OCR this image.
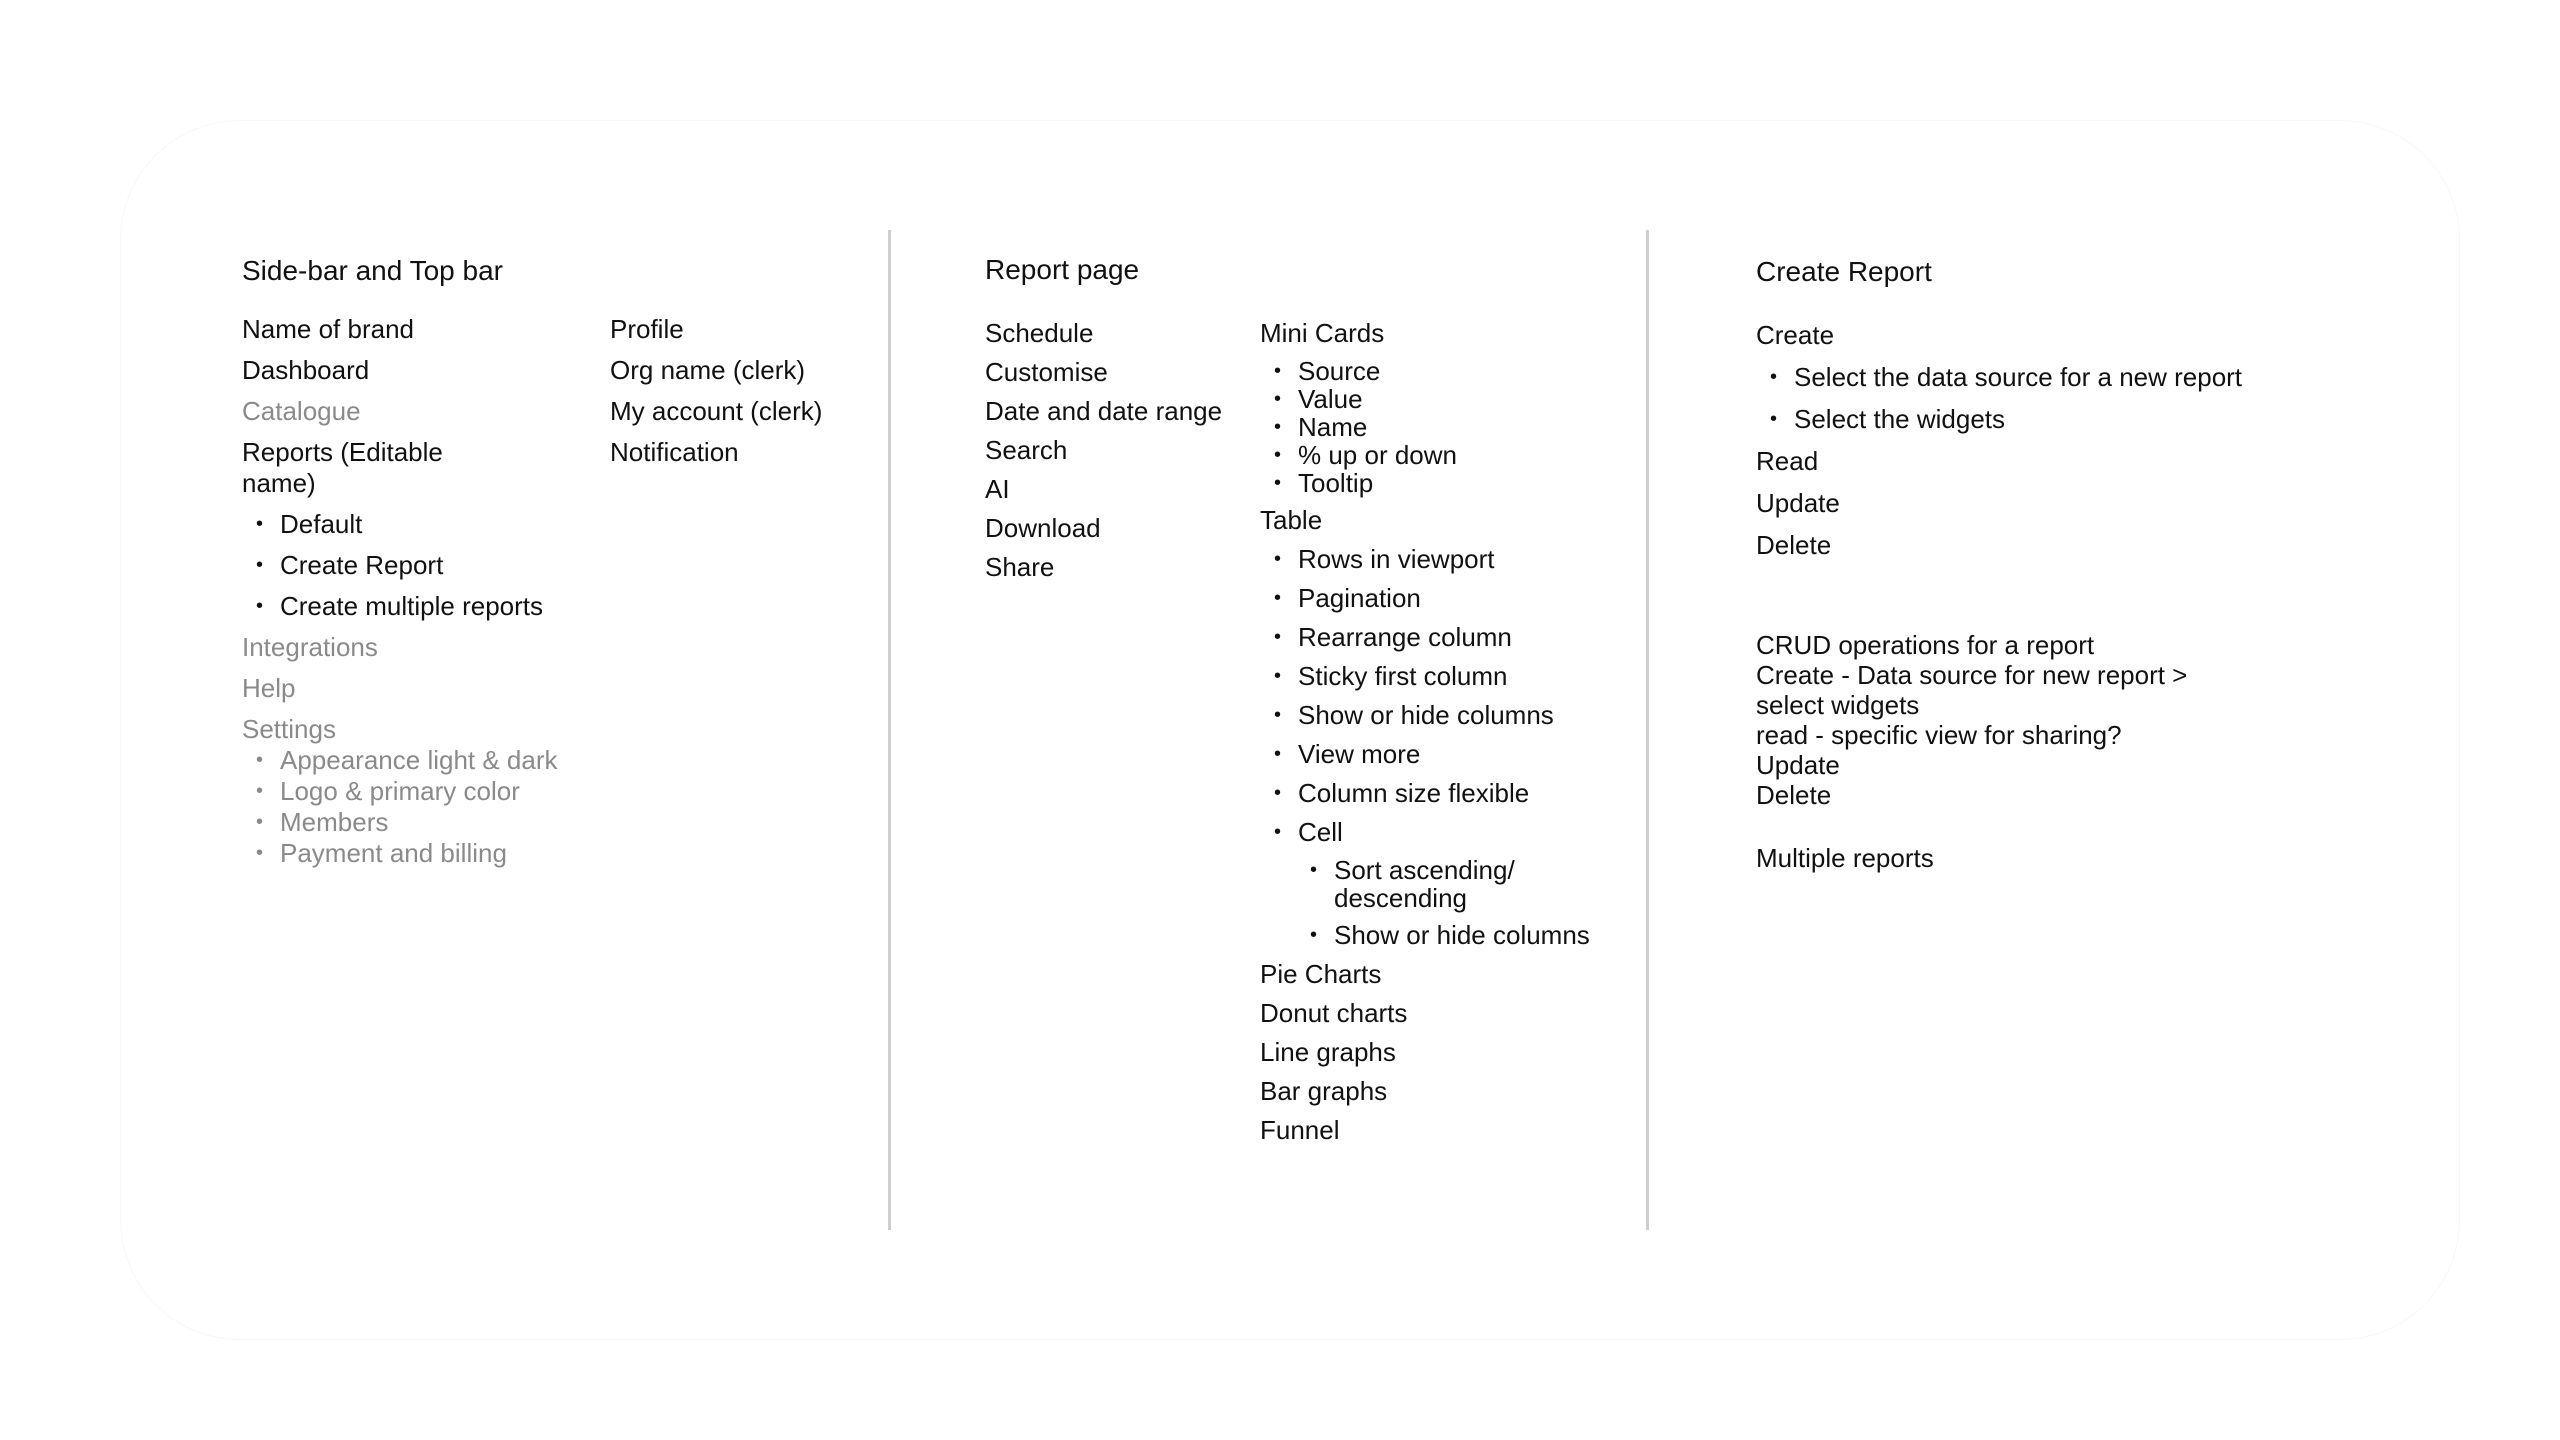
Side-bar and Top bar
Name of brand
Dashboard
Catalogue
Reports (Editable
name)
• Default
• Create Report
• Create multiple reports
Integrations
Help
Settings
• Appearance light & dark
• Logo & primary color
• Members
• Payment and billing
Profile
Org name (clerk)
My account (clerk)
Notification
Report page
Schedule
Customise
Date and date range
Search
AI
Download
Share
Mini Cards
• Source
• Value
• Name
• % up or down
• Tooltip
Table
• Rows in viewport
• Pagination
• Rearrange column
• Sticky first column
• Show or hide columns
• View more
• Column size flexible
• Cell
• Sort ascending/
descending
• Show or hide columns
Pie Charts
Donut charts
Line graphs
Bar graphs
Funnel
Create Report
Create
• Select the data source for a new report
• Select the widgets
Read
Update
Delete
CRUD operations for a report
Create - Data source for new report >
select widgets
read - specific view for sharing?
Update
Delete
Multiple reports
